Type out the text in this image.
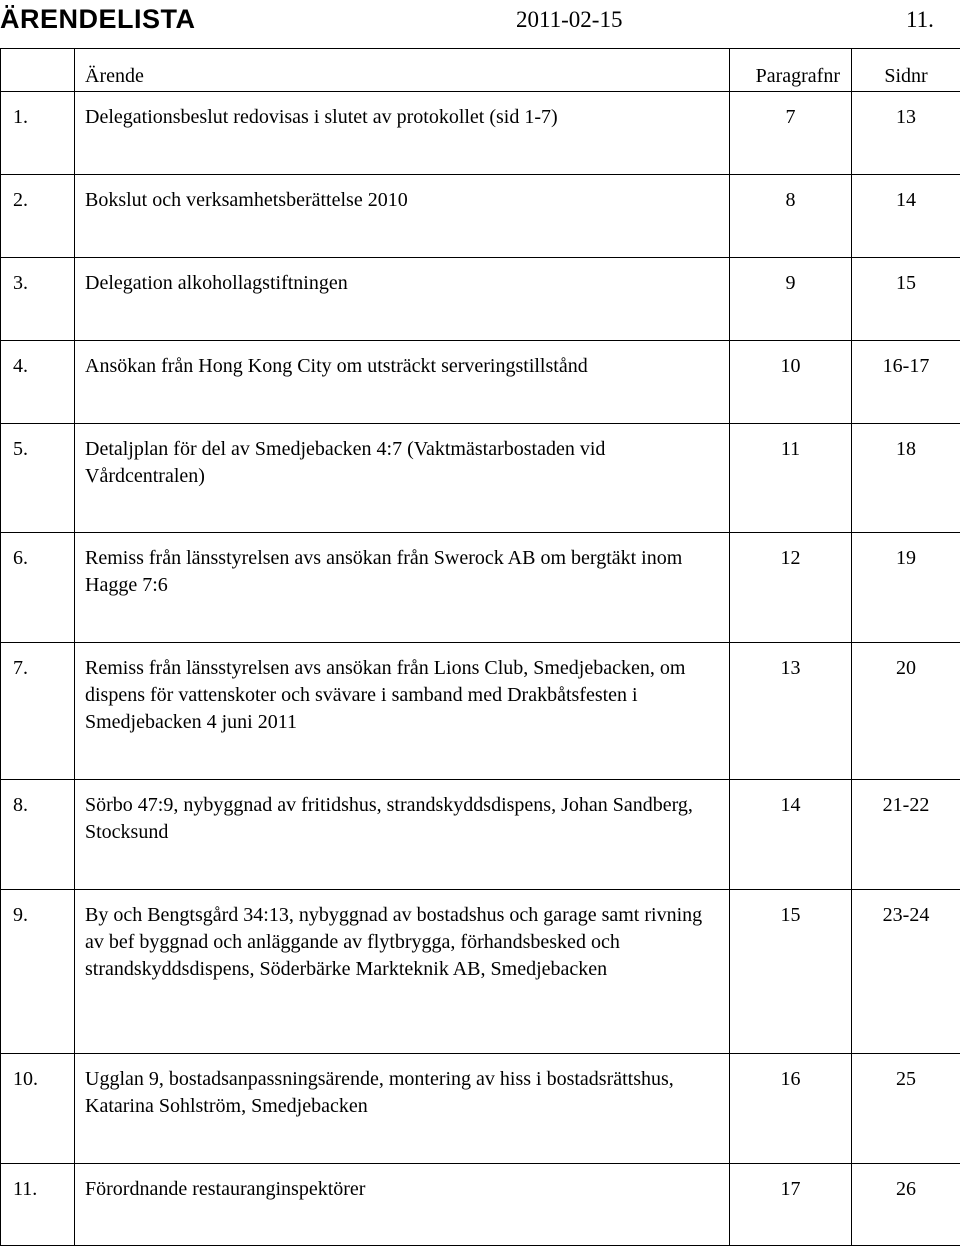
ÄRENDELISTA	2011-02-15	11.
	Ärende	Paragrafnr	Sidnr
1.	Delegationsbeslut redovisas i slutet av protokollet (sid 1-7)	7	13
2.	Bokslut och verksamhetsberättelse 2010	8	14
3.	Delegation alkohollagstiftningen	9	15
4.	Ansökan från Hong Kong City om utsträckt serveringstillstånd	10	16-17
5.	Detaljplan för del av Smedjebacken 4:7 (Vaktmästarbostaden vid Vårdcentralen)	11	18
6.	Remiss från länsstyrelsen avs ansökan från Swerock AB om bergtäkt inom Hagge 7:6	12	19
7.	Remiss från länsstyrelsen avs ansökan från Lions Club, Smedjebacken, om dispens för vattenskoter och svävare i samband med Drakbåtsfesten i Smedjebacken 4 juni 2011	13	20
8.	Sörbo 47:9, nybyggnad av fritidshus, strandskyddsdispens, Johan Sandberg, Stocksund	14	21-22
9.	By och Bengtsgård 34:13, nybyggnad av bostadshus och garage samt rivning av bef byggnad och anläggande av flytbrygga, förhandsbesked och strandskyddsdispens, Söderbärke Markteknik AB, Smedjebacken	15	23-24
10.	Ugglan 9, bostadsanpassningsärende, montering av hiss i bostadsrättshus, Katarina Sohlström, Smedjebacken	16	25
11.	Förordnande restauranginspektörer	17	26
